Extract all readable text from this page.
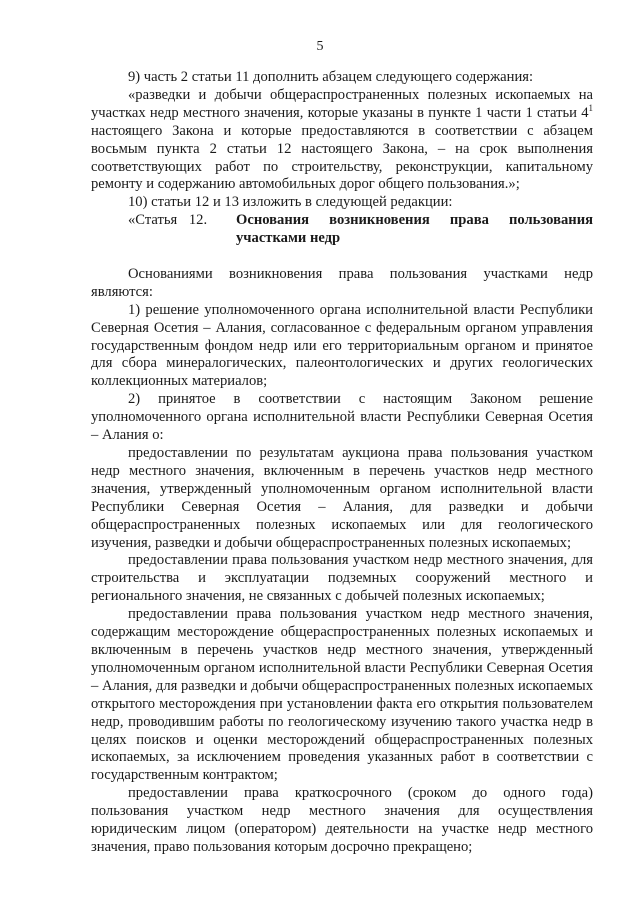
5

9) часть 2 статьи 11 дополнить абзацем следующего содержания:

«разведки и добычи общераспространенных полезных ископаемых на участках недр местного значения, которые указаны в пункте 1 части 1 статьи $4^1$ настоящего Закона и которые предоставляются в соответствии с абзацем восьмым пункта 2 статьи 12 настоящего Закона, – на срок выполнения соответствующих работ по строительству, реконструкции, капитальному ремонту и содержанию автомобильных дорог общего пользования.»;

10) статьи 12 и 13 изложить в следующей редакции:

«Статья 12.	Основания возникновения права пользования участками недр

Основаниями возникновения права пользования участками недр являются:

1) решение уполномоченного органа исполнительной власти Республики Северная Осетия – Алания, согласованное с федеральным органом управления государственным фондом недр или его территориальным органом и принятое для сбора минералогических, палеонтологических и других геологических коллекционных материалов;

2) принятое в соответствии с настоящим Законом решение уполномоченного органа исполнительной власти Республики Северная Осетия – Алания о:

предоставлении по результатам аукциона права пользования участком недр местного значения, включенным в перечень участков недр местного значения, утвержденный уполномоченным органом исполнительной власти Республики Северная Осетия – Алания, для разведки и добычи общераспространенных полезных ископаемых или для геологического изучения, разведки и добычи общераспространенных полезных ископаемых;

предоставлении права пользования участком недр местного значения, для строительства и эксплуатации подземных сооружений местного и регионального значения, не связанных с добычей полезных ископаемых;

предоставлении права пользования участком недр местного значения, содержащим месторождение общераспространенных полезных ископаемых и включенным в перечень участков недр местного значения, утвержденный уполномоченным органом исполнительной власти Республики Северная Осетия – Алания, для разведки и добычи общераспространенных полезных ископаемых открытого месторождения при установлении факта его открытия пользователем недр, проводившим работы по геологическому изучению такого участка недр в целях поисков и оценки месторождений общераспространенных полезных ископаемых, за исключением проведения указанных работ в соответствии с государственным контрактом;

предоставлении права краткосрочного (сроком до одного года) пользования участком недр местного значения для осуществления юридическим лицом (оператором) деятельности на участке недр местного значения, право пользования которым досрочно прекращено;
